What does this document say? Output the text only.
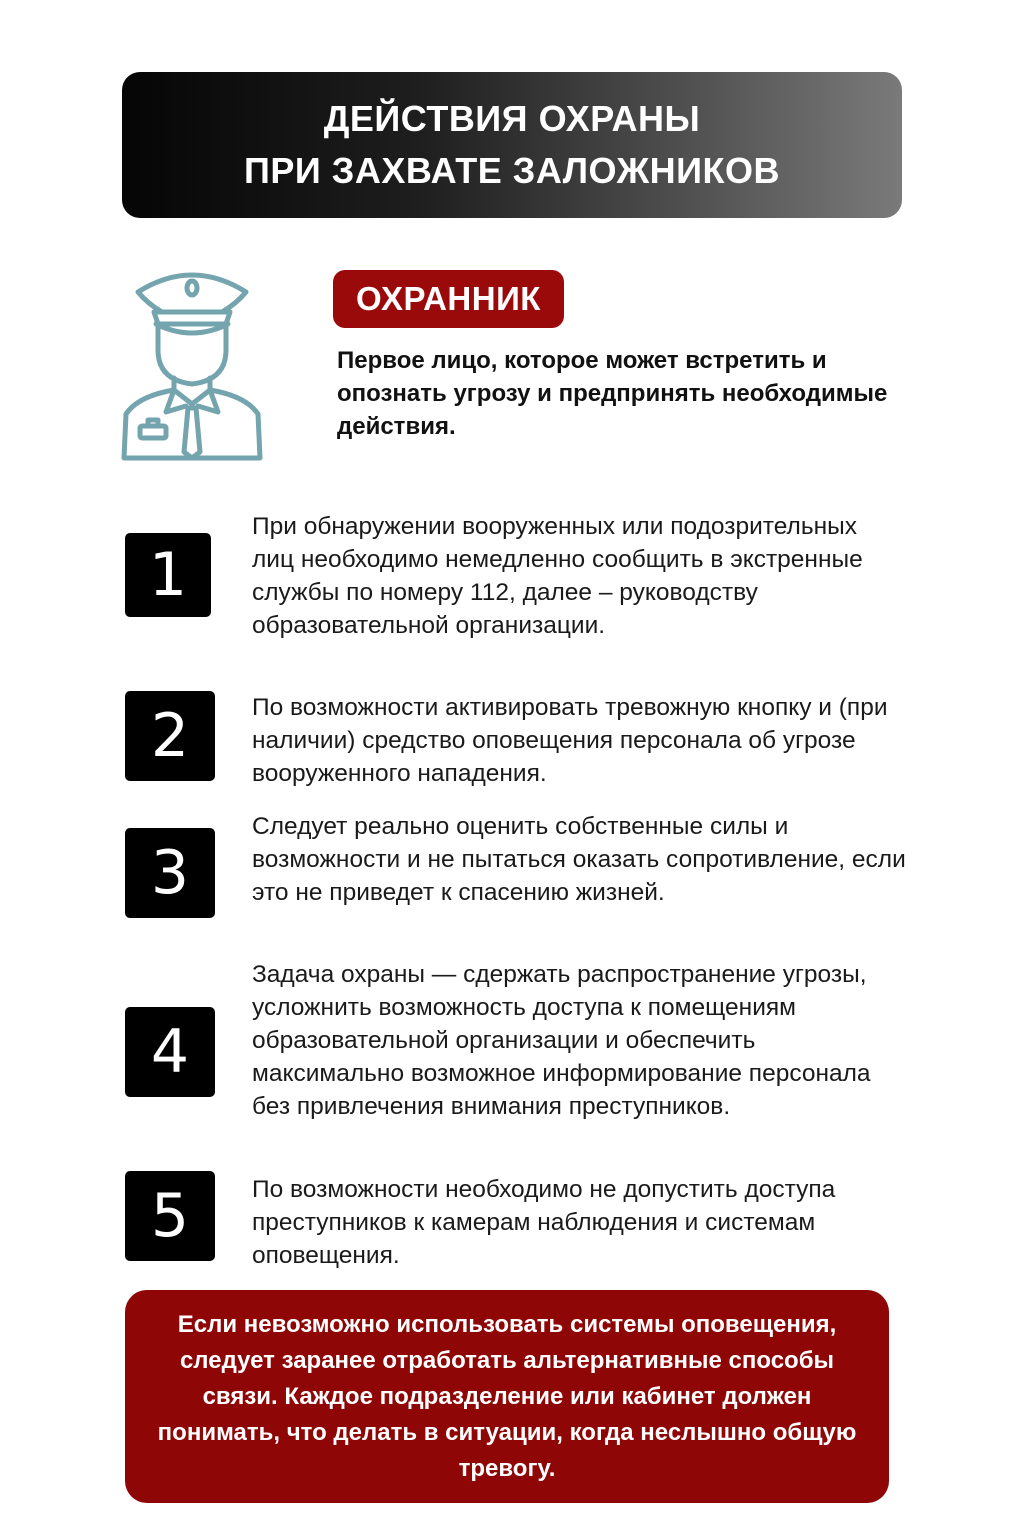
ДЕЙСТВИЯ ОХРАНЫ
ПРИ ЗАХВАТЕ ЗАЛОЖНИКОВ
ОХРАННИК
Первое лицо, которое может встретить и опознать угрозу и предпринять необходимые действия.
1
При обнаружении вооруженных или подозрительных лиц необходимо немедленно сообщить в экстренные службы по номеру 112, далее – руководству образовательной организации.
2	По возможности активировать тревожную кнопку и (при наличии) средство оповещения персонала об угрозе вооруженного нападения.
3
Следует реально оценить собственные силы и возможности и не пытаться оказать сопротивление, если это не приведет к спасению жизней.
4
Задача охраны — сдержать распространение угрозы, усложнить возможность доступа к помещениям образовательной организации и обеспечить максимально возможное информирование персонала без привлечения внимания преступников.
5	По возможности необходимо не допустить доступа преступников к камерам наблюдения и системам оповещения.
Если невозможно использовать системы оповещения, следует заранее отработать альтернативные способы связи. Каждое подразделение или кабинет должен понимать, что делать в ситуации, когда неслышно общую тревогу.
